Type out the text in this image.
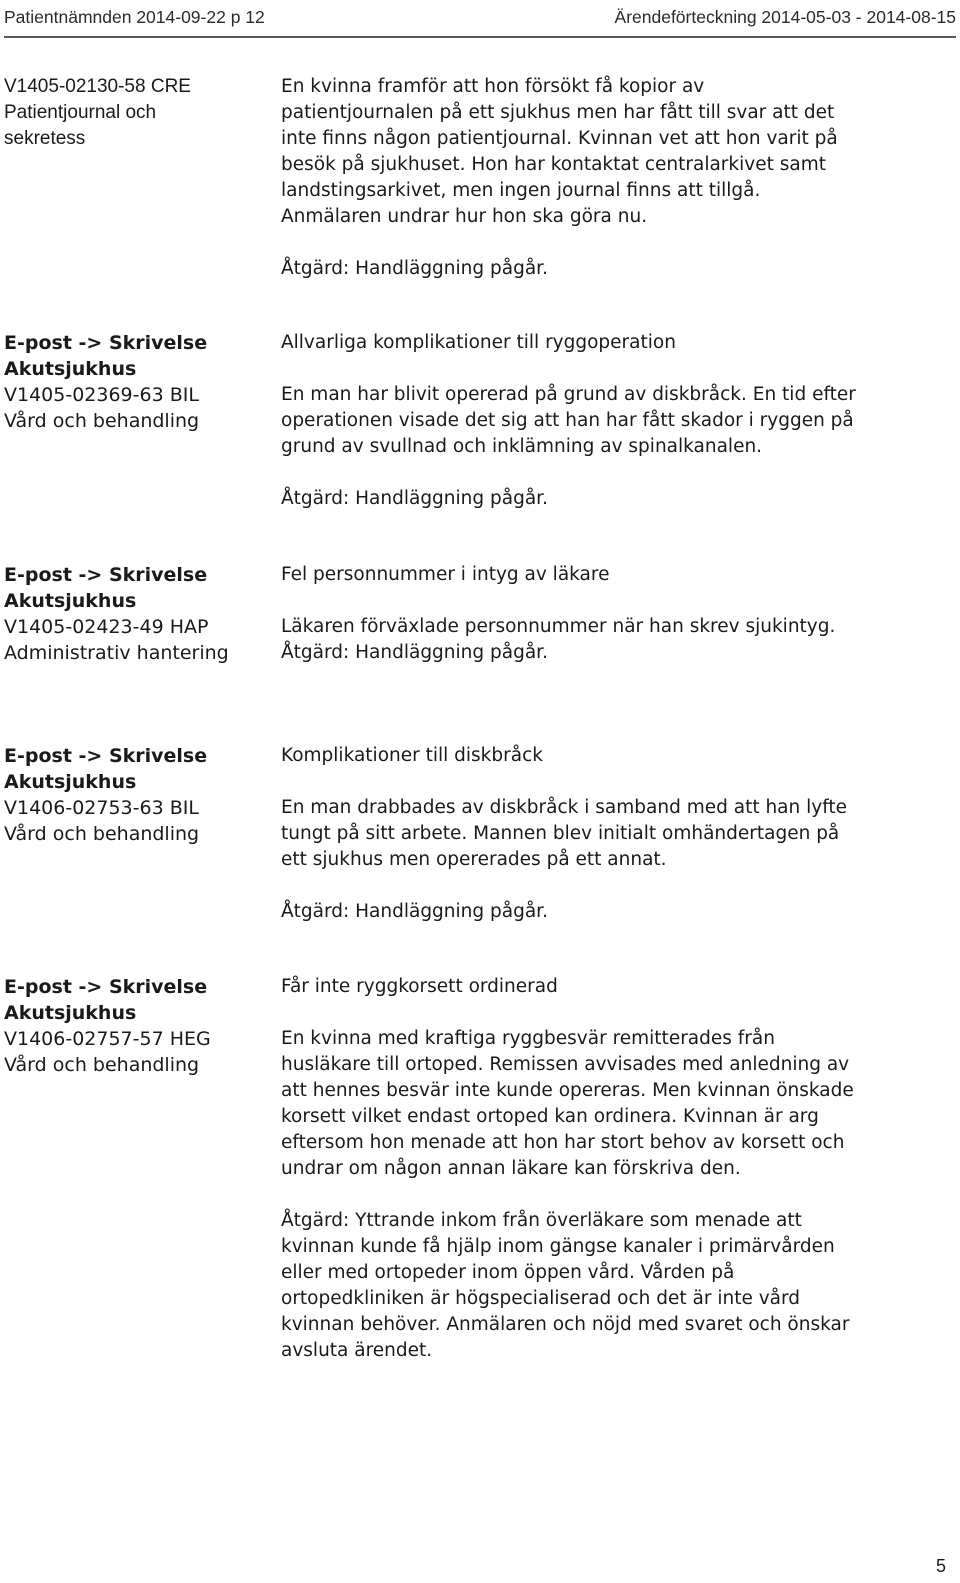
Patientnämnden 2014-09-22 p 12	Ärendeförteckning 2014-05-03 - 2014-08-15
V1405-02130-58 CRE
Patientjournal och
sekretess

En kvinna framför att hon försökt få kopior av

patientjournalen på ett sjukhus men har fått till svar att det

inte finns någon patientjournal. Kvinnan vet att hon varit på

besök på sjukhuset. Hon har kontaktat centralarkivet samt

landstingsarkivet, men ingen journal finns att tillgå.

Anmälaren undrar hur hon ska göra nu.

Åtgärd: Handläggning pågår.

E-post -> Skrivelse
Akutsjukhus
V1405-02369-63 BIL
Vård och behandling

Allvarliga komplikationer till ryggoperation

En man har blivit opererad på grund av diskbråck. En tid efter

operationen visade det sig att han har fått skador i ryggen på

grund av svullnad och inklämning av spinalkanalen.

Åtgärd: Handläggning pågår.

E-post -> Skrivelse
Akutsjukhus
V1405-02423-49 HAP
Administrativ hantering

Fel personnummer i intyg av läkare

Läkaren förväxlade personnummer när han skrev sjukintyg.

Åtgärd: Handläggning pågår.

E-post -> Skrivelse
Akutsjukhus
V1406-02753-63 BIL
Vård och behandling

Komplikationer till diskbråck

En man drabbades av diskbråck i samband med att han lyfte

tungt på sitt arbete. Mannen blev initialt omhändertagen på

ett sjukhus men opererades på ett annat.

Åtgärd: Handläggning pågår.

E-post -> Skrivelse
Akutsjukhus
V1406-02757-57 HEG
Vård och behandling

Får inte ryggkorsett ordinerad

En kvinna med kraftiga ryggbesvär remitterades från

husläkare till ortoped. Remissen avvisades med anledning av

att hennes besvär inte kunde opereras. Men kvinnan önskade

korsett vilket endast ortoped kan ordinera. Kvinnan är arg

eftersom hon menade att hon har stort behov av korsett och

undrar om någon annan läkare kan förskriva den.

Åtgärd: Yttrande inkom från överläkare som menade att

kvinnan kunde få hjälp inom gängse kanaler i primärvården

eller med ortopeder inom öppen vård. Vården på

ortopedkliniken är högspecialiserad och det är inte vård

kvinnan behöver. Anmälaren och nöjd med svaret och önskar

avsluta ärendet.

5
